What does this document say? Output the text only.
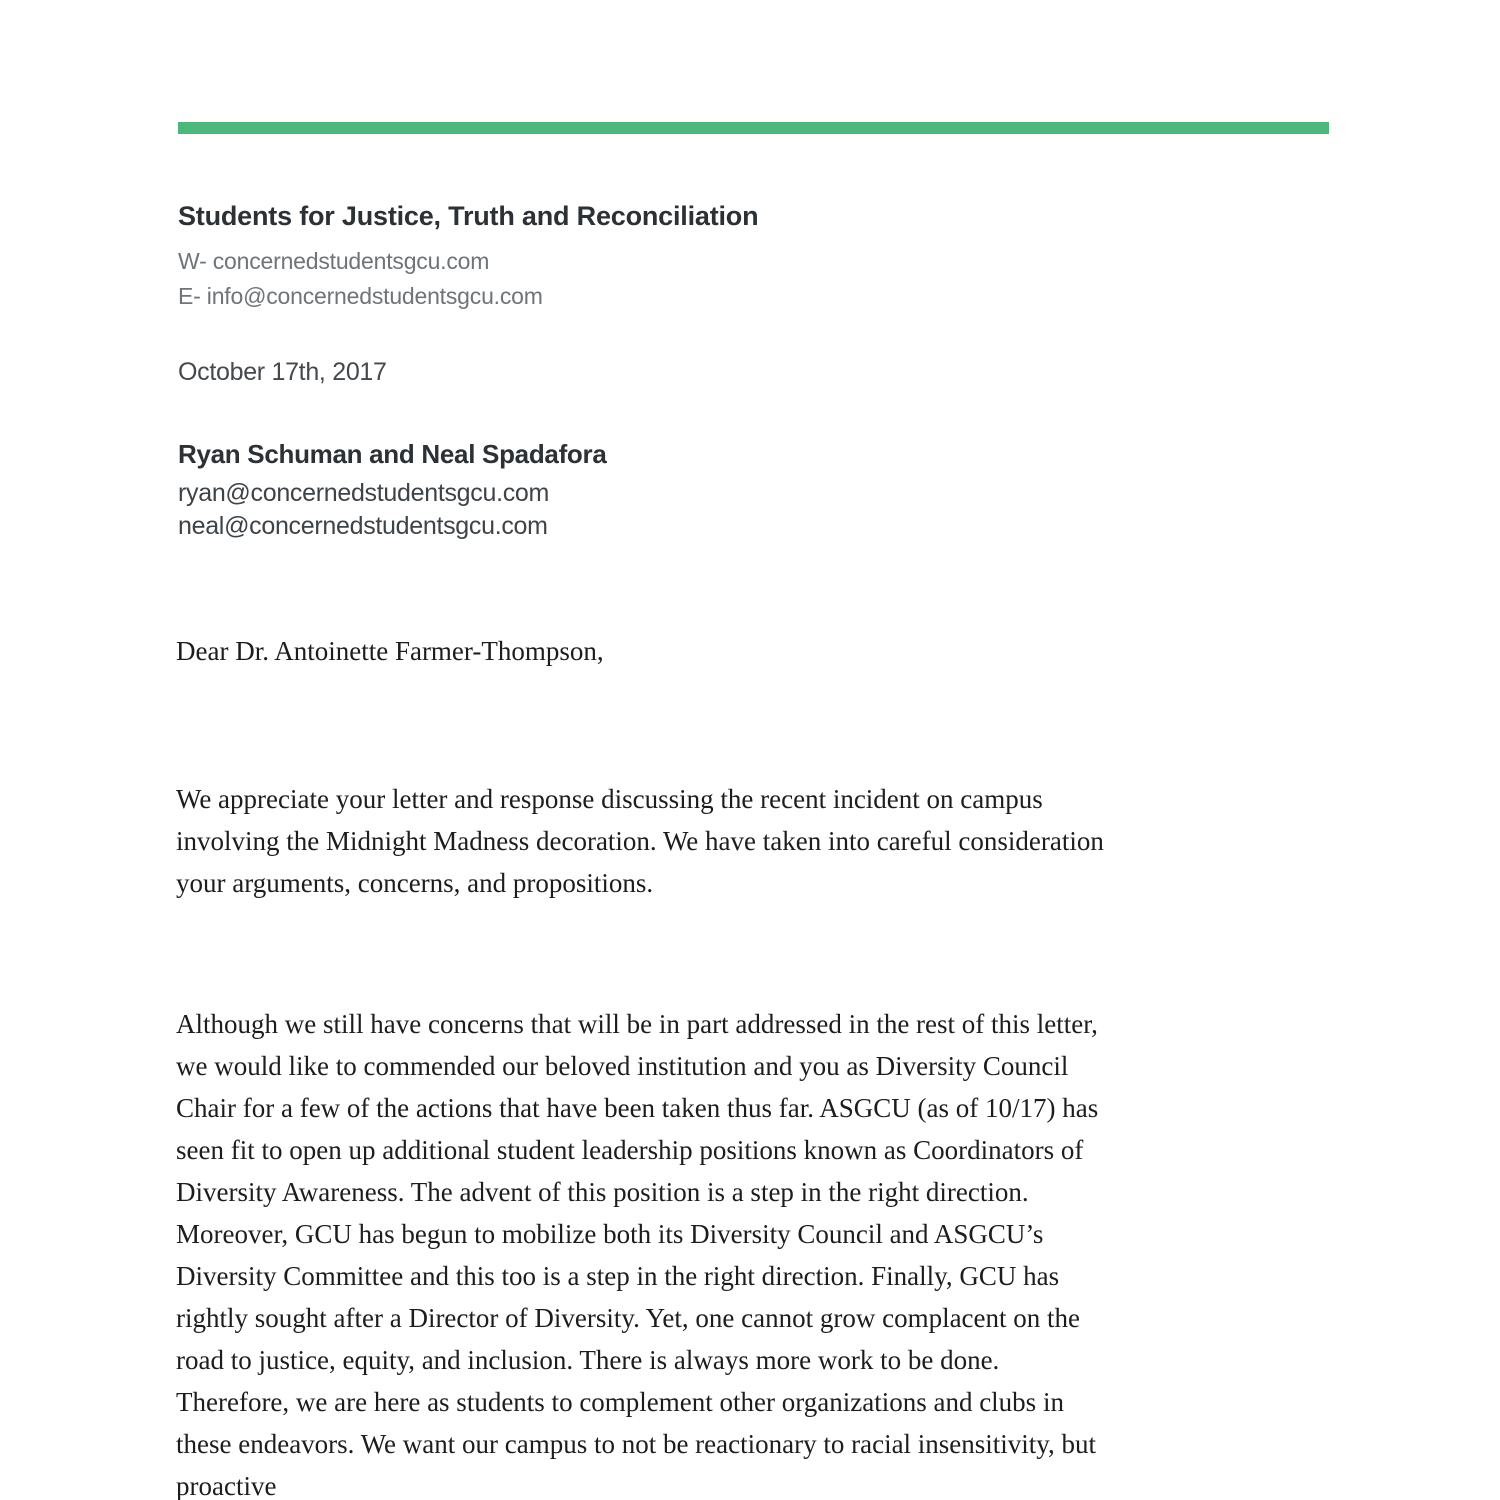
Students for Justice, Truth and Reconciliation
W- concernedstudentsgcu.com
E- info@concernedstudentsgcu.com
October 17th, 2017
Ryan Schuman and Neal Spadafora
ryan@concernedstudentsgcu.com
neal@concernedstudentsgcu.com
Dear Dr. Antoinette Farmer-Thompson,

We appreciate your letter and response discussing the recent incident on campus involving the Midnight Madness decoration. We have taken into careful consideration your arguments, concerns, and propositions.

Although we still have concerns that will be in part addressed in the rest of this letter, we would like to commended our beloved institution and you as Diversity Council Chair for a few of the actions that have been taken thus far. ASGCU (as of 10/17) has seen fit to open up additional student leadership positions known as Coordinators of Diversity Awareness. The advent of this position is a step in the right direction. Moreover, GCU has begun to mobilize both its Diversity Council and ASGCU’s Diversity Committee and this too is a step in the right direction. Finally, GCU has rightly sought after a Director of Diversity. Yet, one cannot grow complacent on the road to justice, equity, and inclusion. There is always more work to be done. Therefore, we are here as students to complement other organizations and clubs in these endeavors. We want our campus to not be reactionary to racial insensitivity, but proactive
